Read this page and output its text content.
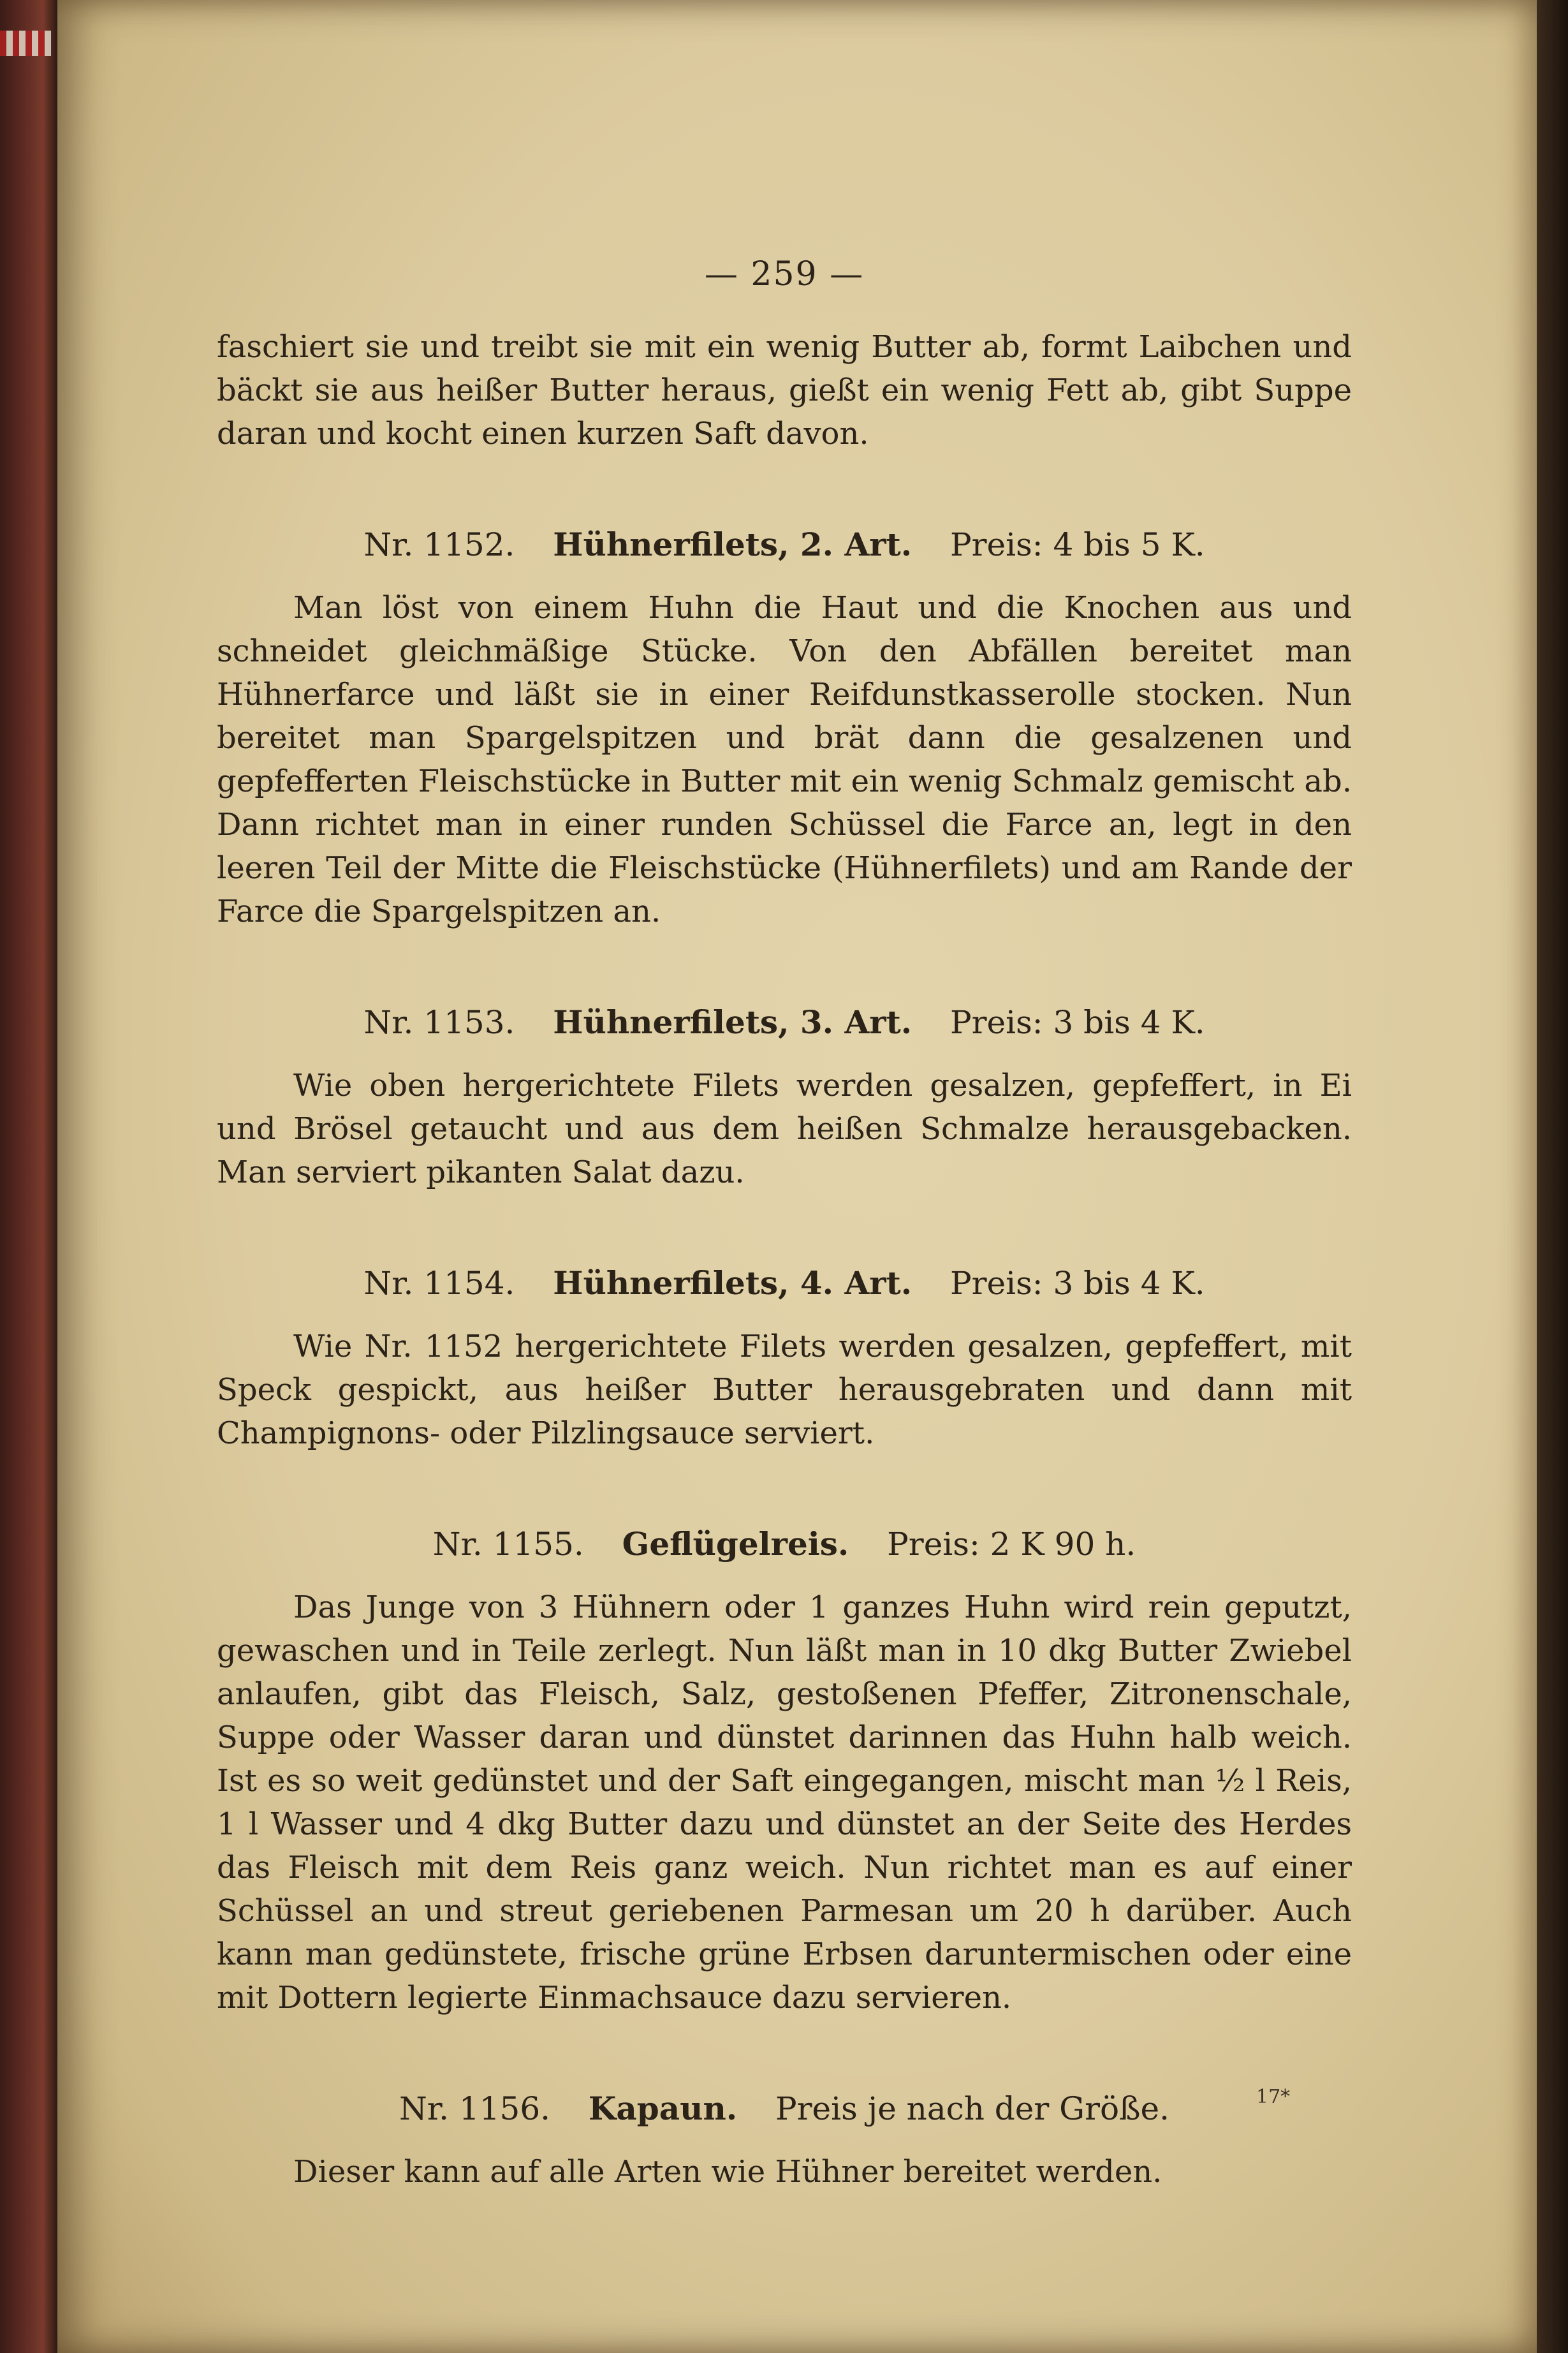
— 259 —

faschiert sie und treibt sie mit ein wenig Butter ab, formt Laibchen und bäckt sie aus heißer Butter heraus, gießt ein wenig Fett ab, gibt Suppe daran und kocht einen kurzen Saft davon.

Nr. 1152. Hühnerfilets, 2. Art. Preis: 4 bis 5 K.

Man löst von einem Huhn die Haut und die Knochen aus und schneidet gleichmäßige Stücke. Von den Abfällen bereitet man Hühnerfarce und läßt sie in einer Reifdunstkasserolle stocken. Nun bereitet man Spargelspitzen und brät dann die gesalzenen und gepfefferten Fleischstücke in Butter mit ein wenig Schmalz gemischt ab. Dann richtet man in einer runden Schüssel die Farce an, legt in den leeren Teil der Mitte die Fleischstücke (Hühnerfilets) und am Rande der Farce die Spargelspitzen an.

Nr. 1153. Hühnerfilets, 3. Art. Preis: 3 bis 4 K.

Wie oben hergerichtete Filets werden gesalzen, gepfeffert, in Ei und Brösel getaucht und aus dem heißen Schmalze herausgebacken. Man serviert pikanten Salat dazu.

Nr. 1154. Hühnerfilets, 4. Art. Preis: 3 bis 4 K.

Wie Nr. 1152 hergerichtete Filets werden gesalzen, gepfeffert, mit Speck gespickt, aus heißer Butter herausgebraten und dann mit Champignons- oder Pilzlingsauce serviert.

Nr. 1155. Geflügelreis. Preis: 2 K 90 h.

Das Junge von 3 Hühnern oder 1 ganzes Huhn wird rein geputzt, gewaschen und in Teile zerlegt. Nun läßt man in 10 dkg Butter Zwiebel anlaufen, gibt das Fleisch, Salz, gestoßenen Pfeffer, Zitronenschale, Suppe oder Wasser daran und dünstet darinnen das Huhn halb weich. Ist es so weit gedünstet und der Saft eingegangen, mischt man ½ l Reis, 1 l Wasser und 4 dkg Butter dazu und dünstet an der Seite des Herdes das Fleisch mit dem Reis ganz weich. Nun richtet man es auf einer Schüssel an und streut geriebenen Parmesan um 20 h darüber. Auch kann man gedünstete, frische grüne Erbsen daruntermischen oder eine mit Dottern legierte Einmachsauce dazu servieren.

Nr. 1156. Kapaun. Preis je nach der Größe.

Dieser kann auf alle Arten wie Hühner bereitet werden.

17*
